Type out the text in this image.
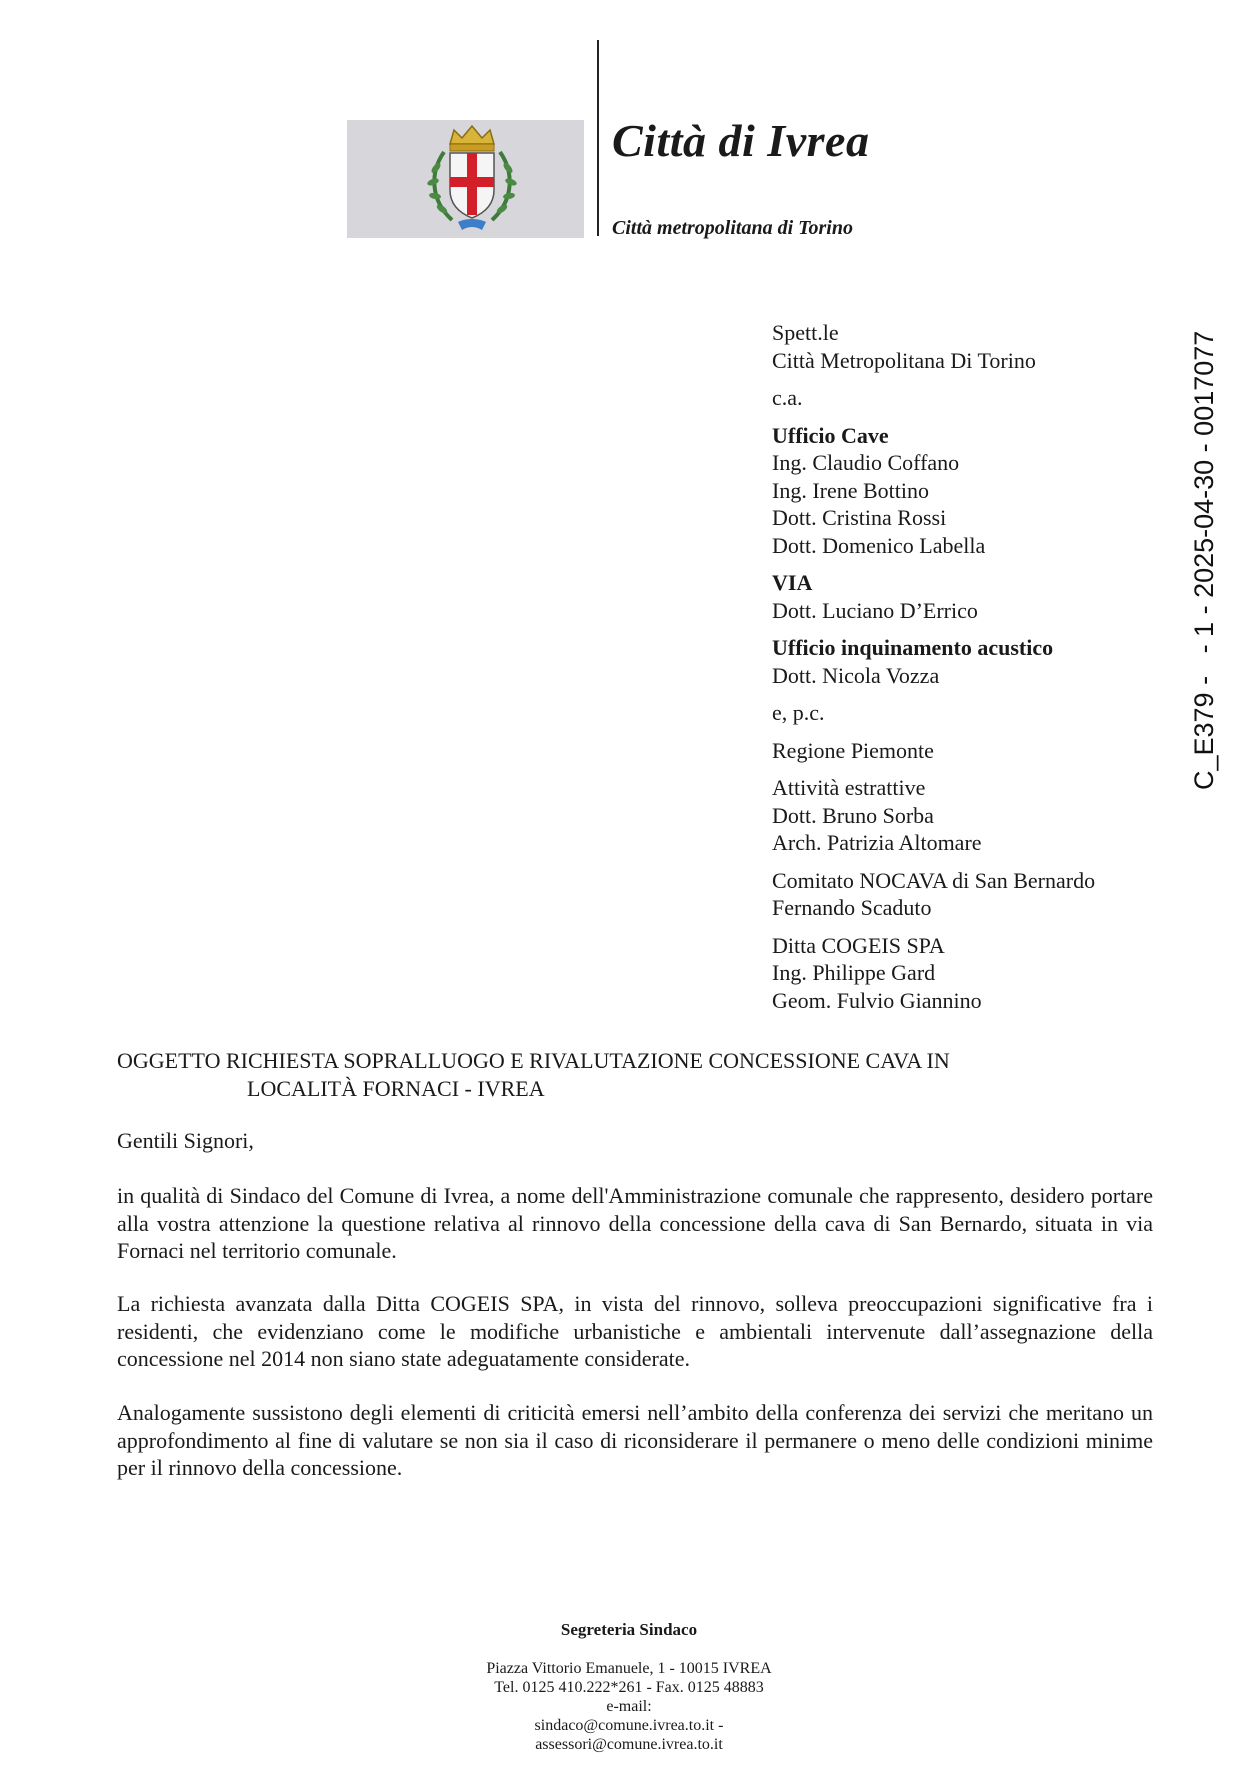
Città di Ivrea

Città metropolitana di Torino

C_E379 -   - 1 - 2025-04-30 - 0017077
Spett.le
Città Metropolitana Di Torino
c.a.
Ufficio Cave
Ing. Claudio Coffano
Ing. Irene Bottino
Dott. Cristina Rossi
Dott. Domenico Labella
VIA
Dott. Luciano D’Errico
Ufficio inquinamento acustico
Dott. Nicola Vozza
e, p.c.
Regione Piemonte
Attività estrattive
Dott. Bruno Sorba
Arch. Patrizia Altomare
Comitato NOCAVA di San Bernardo
Fernando Scaduto
Ditta COGEIS SPA
Ing. Philippe Gard
Geom. Fulvio Giannino
OGGETTO RICHIESTA SOPRALLUOGO E RIVALUTAZIONE CONCESSIONE CAVA IN
LOCALITÀ FORNACI - IVREA

Gentili Signori,

in qualità di Sindaco del Comune di Ivrea, a nome dell'Amministrazione comunale che rappresento, desidero portare alla vostra attenzione la questione relativa al rinnovo della concessione della cava di San Bernardo, situata in via Fornaci nel territorio comunale.

La richiesta avanzata dalla Ditta COGEIS SPA, in vista del rinnovo, solleva preoccupazioni significative fra i residenti, che evidenziano come le modifiche urbanistiche e ambientali intervenute dall’assegnazione della concessione nel 2014 non siano state adeguatamente considerate.

Analogamente sussistono degli elementi di criticità emersi nell’ambito della conferenza dei servizi che meritano un approfondimento al fine di valutare se non sia il caso di riconsiderare il permanere o meno delle condizioni minime per il rinnovo della concessione.

Segreteria Sindaco
Piazza Vittorio Emanuele, 1 - 10015 IVREA
Tel. 0125 410.222*261 - Fax. 0125 48883
e-mail:
sindaco@comune.ivrea.to.it -
assessori@comune.ivrea.to.it
